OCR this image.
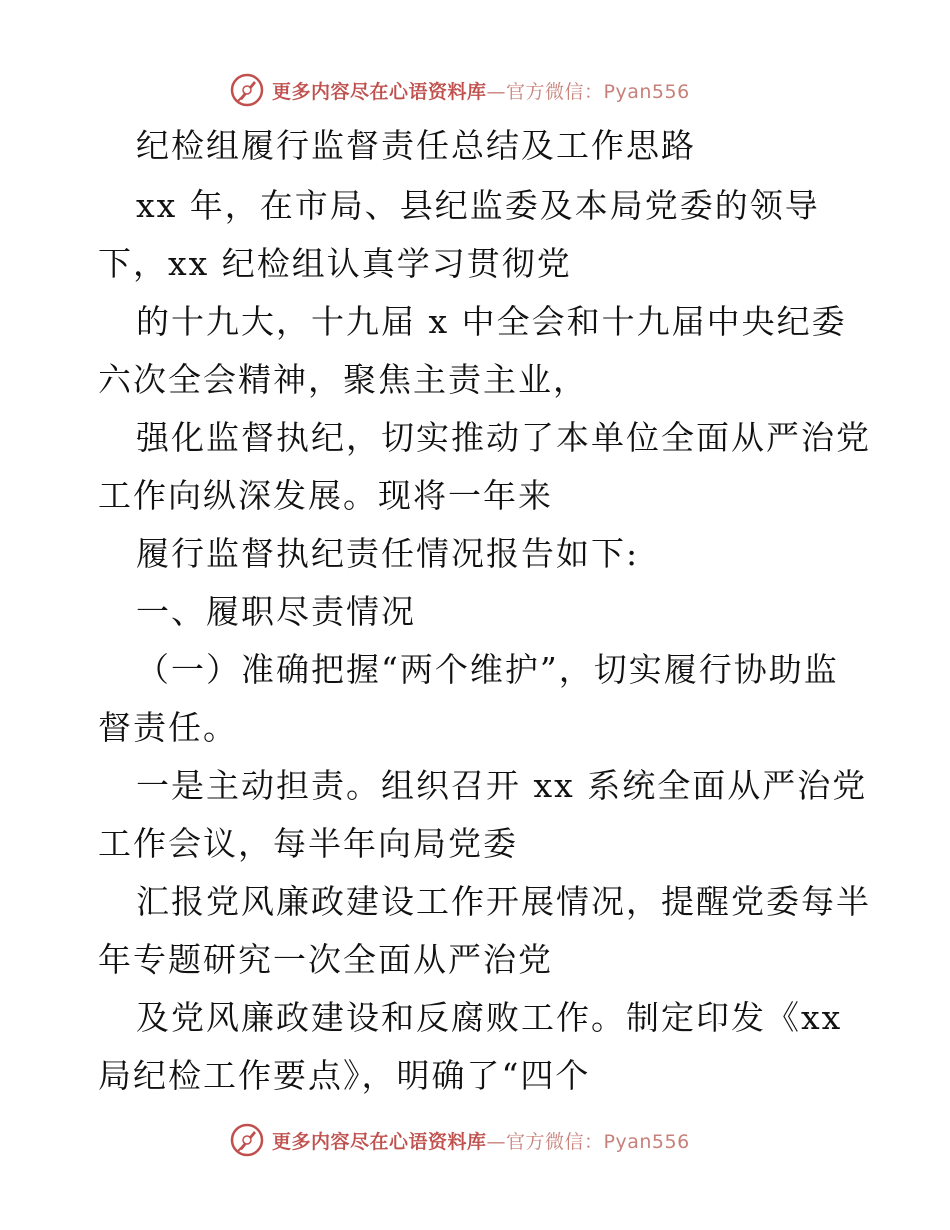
更多内容尽在心语资料库—官方微信：Pyan556
纪检组履行监督责任总结及工作思路
xx 年，在市局、县纪监委及本局党委的领导
下，xx 纪检组认真学习贯彻党
的十九大，十九届 x 中全会和十九届中央纪委
六次全会精神，聚焦主责主业，
强化监督执纪，切实推动了本单位全面从严治党
工作向纵深发展。现将一年来
履行监督执纪责任情况报告如下:
一、履职尽责情况
（一）准确把握“两个维护”，切实履行协助监
督责任。
一是主动担责。组织召开 xx 系统全面从严治党
工作会议，每半年向局党委
汇报党风廉政建设工作开展情况，提醒党委每半
年专题研究一次全面从严治党
及党风廉政建设和反腐败工作。制定印发《xx
局纪检工作要点》，明确了“四个
更多内容尽在心语资料库—官方微信：Pyan556
